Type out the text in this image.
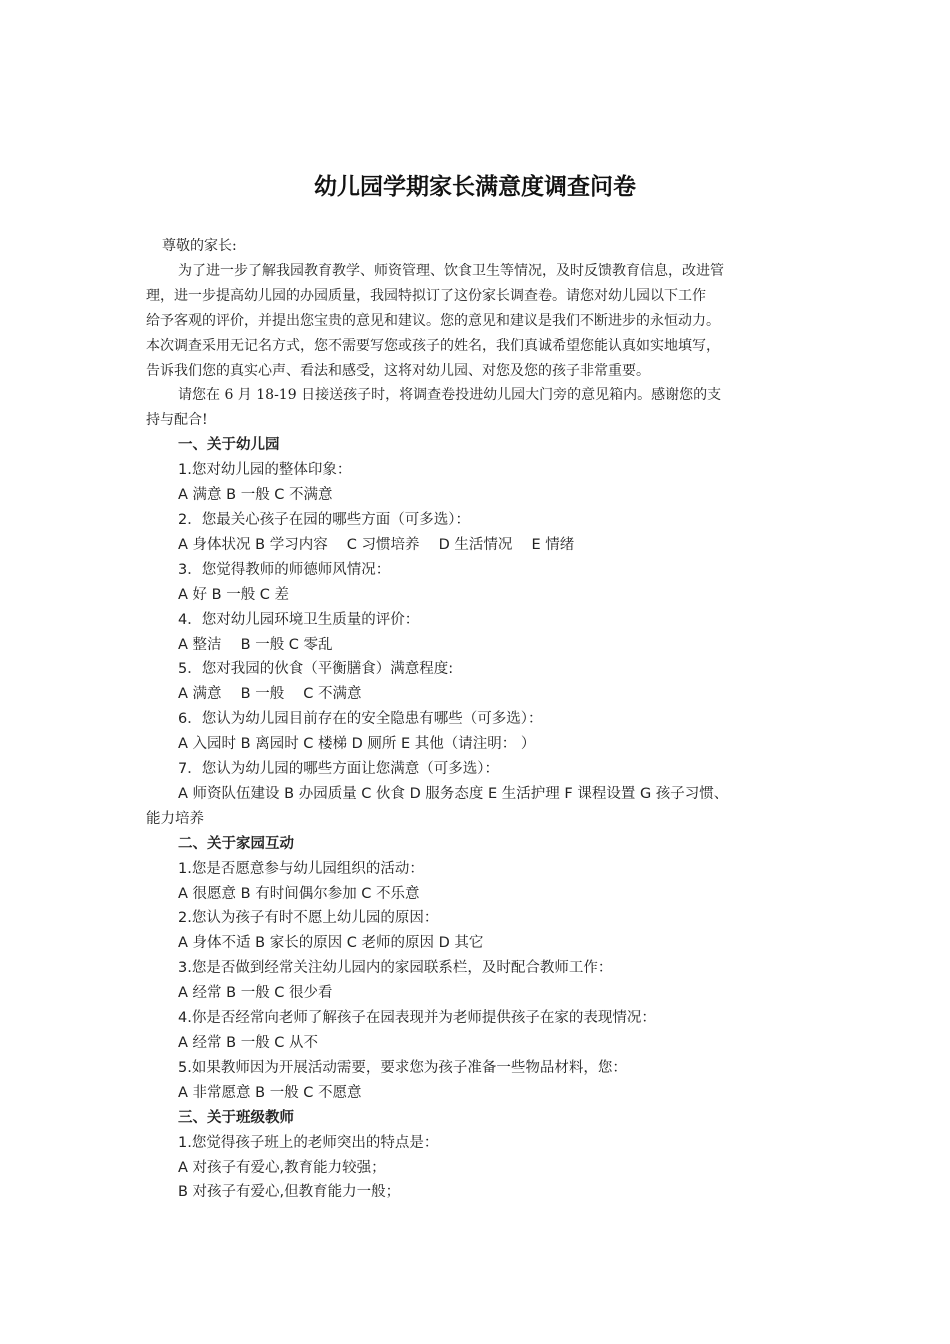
幼儿园学期家长满意度调查问卷

尊敬的家长:

为了进一步了解我园教育教学、师资管理、饮食卫生等情况，及时反馈教育信息，改进管

理，进一步提高幼儿园的办园质量，我园特拟订了这份家长调查卷。请您对幼儿园以下工作

给予客观的评价，并提出您宝贵的意见和建议。您的意见和建议是我们不断进步的永恒动力。

本次调查采用无记名方式，您不需要写您或孩子的姓名，我们真诚希望您能认真如实地填写，

告诉我们您的真实心声、看法和感受，这将对幼儿园、对您及您的孩子非常重要。

请您在 6 月 18-19 日接送孩子时，将调查卷投进幼儿园大门旁的意见箱内。感谢您的支

持与配合!

一、关于幼儿园

1.您对幼儿园的整体印象：

A 满意 B 一般 C 不满意

2．您最关心孩子在园的哪些方面（可多选）：

A 身体状况 B 学习内容　 C 习惯培养　 D 生活情况　 E 情绪

3．您觉得教师的师德师风情况：

A 好 B 一般 C 差

4．您对幼儿园环境卫生质量的评价：

A 整洁　 B 一般 C 零乱

5．您对我园的伙食（平衡膳食）满意程度:

A 满意　 B 一般　 C 不满意

6．您认为幼儿园目前存在的安全隐患有哪些（可多选）：

A 入园时 B 离园时 C 楼梯 D 厕所 E 其他（请注明： ）

7．您认为幼儿园的哪些方面让您满意（可多选）：

A 师资队伍建设 B 办园质量 C 伙食 D 服务态度 E 生活护理 F 课程设置 G 孩子习惯、

能力培养

二、关于家园互动

1.您是否愿意参与幼儿园组织的活动：

A 很愿意 B 有时间偶尔参加 C 不乐意

2.您认为孩子有时不愿上幼儿园的原因：

A 身体不适 B 家长的原因 C 老师的原因 D 其它

3.您是否做到经常关注幼儿园内的家园联系栏，及时配合教师工作：

A 经常 B 一般 C 很少看

4.你是否经常向老师了解孩子在园表现并为老师提供孩子在家的表现情况：

A 经常 B 一般 C 从不

5.如果教师因为开展活动需要，要求您为孩子准备一些物品材料，您：

A 非常愿意 B 一般 C 不愿意

三、关于班级教师

1.您觉得孩子班上的老师突出的特点是：

A 对孩子有爱心,教育能力较强；

B 对孩子有爱心,但教育能力一般；
